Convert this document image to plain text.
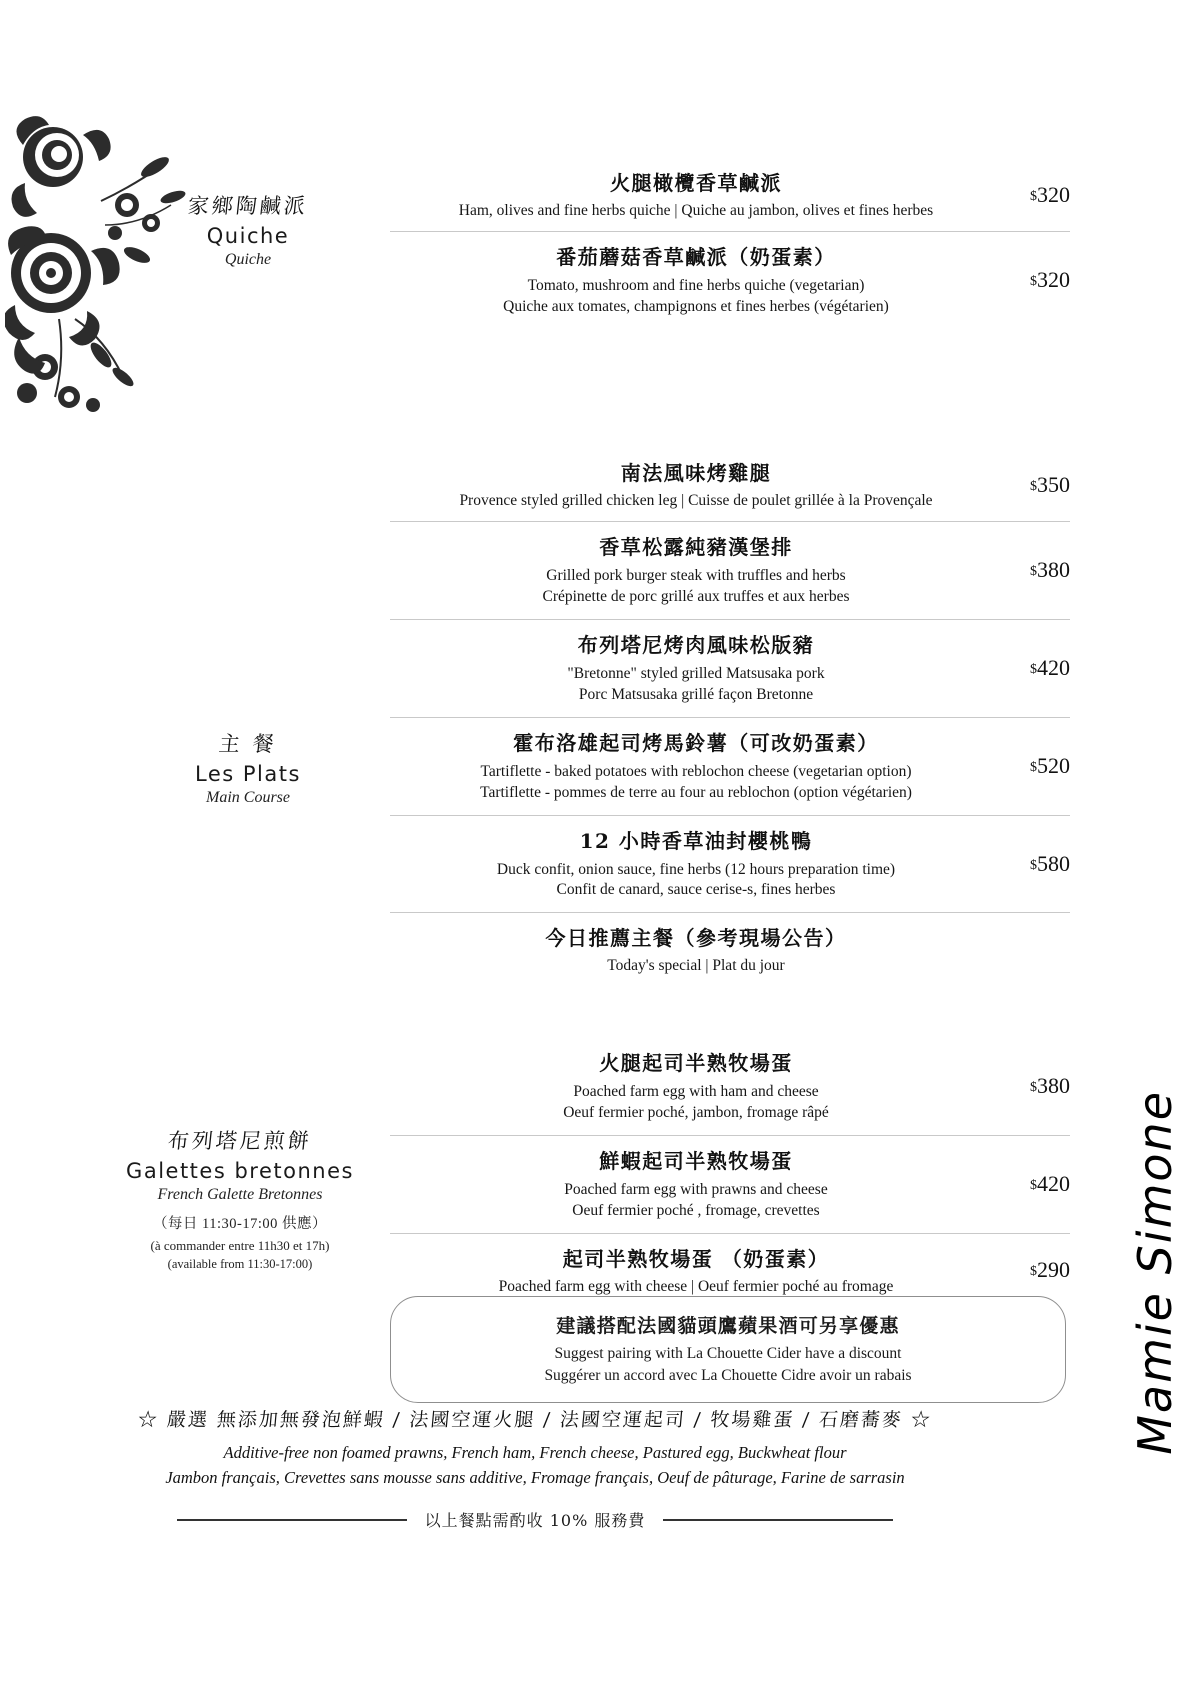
家鄉陶鹹派
Quiche
Quiche
火腿橄欖香草鹹派
Ham, olives and fine herbs quiche | Quiche au jambon, olives et fines herbes
$320
番茄蘑菇香草鹹派（奶蛋素）
Tomato, mushroom and fine herbs quiche (vegetarian)
Quiche aux tomates, champignons et fines herbes (végétarien)
$320
主 餐
Les Plats
Main Course
南法風味烤雞腿
Provence styled grilled chicken leg | Cuisse de poulet grillée à la Provençale
$350
香草松露純豬漢堡排
Grilled pork burger steak with truffles and herbs
Crépinette de porc grillé aux truffes et aux herbes
$380
布列塔尼烤肉風味松版豬
"Bretonne" styled grilled Matsusaka pork
Porc Matsusaka grillé façon Bretonne
$420
霍布洛雄起司烤馬鈴薯（可改奶蛋素）
Tartiflette - baked potatoes with reblochon cheese (vegetarian option)
Tartiflette - pommes de terre au four au reblochon (option végétarien)
$520
12 小時香草油封櫻桃鴨
Duck confit, onion sauce, fine herbs (12 hours preparation time)
Confit de canard, sauce cerise-s, fines herbes
$580
今日推薦主餐（參考現場公告）
Today's special | Plat du jour
布列塔尼煎餅
Galettes bretonnes
French Galette Bretonnes
（每日 11:30-17:00 供應）
(à commander entre 11h30 et 17h)
(available from 11:30-17:00)
火腿起司半熟牧場蛋
Poached farm egg with ham and cheese
Oeuf fermier poché, jambon, fromage râpé
$380
鮮蝦起司半熟牧場蛋
Poached farm egg with prawns and cheese
Oeuf fermier poché , fromage, crevettes
$420
起司半熟牧場蛋 （奶蛋素）
Poached farm egg with cheese | Oeuf fermier poché au fromage
$290
建議搭配法國貓頭鷹蘋果酒可另享優惠
Suggest pairing with La Chouette Cider have a discount
Suggérer un accord avec La Chouette Cidre avoir un rabais
☆ 嚴選 無添加無發泡鮮蝦 / 法國空運火腿 / 法國空運起司 / 牧場雞蛋 / 石磨蕎麥 ☆
Additive-free non foamed prawns, French ham, French cheese, Pastured egg, Buckwheat flour
Jambon français, Crevettes sans mousse sans additive, Fromage français, Oeuf de pâturage, Farine de sarrasin
以上餐點需酌收 10% 服務費
Mamie Simone
